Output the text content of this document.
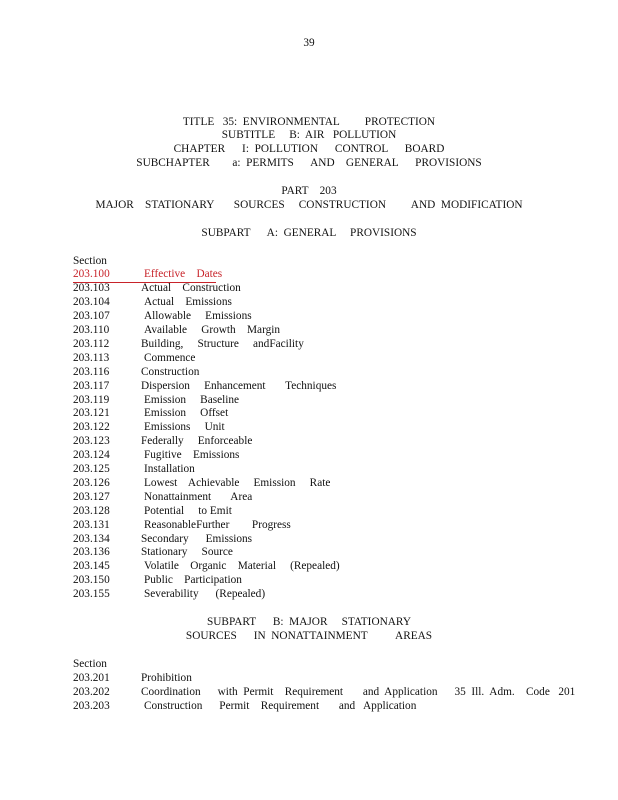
39
TITLE   35:  ENVIRONMENTAL         PROTECTION
SUBTITLE     B:  AIR   POLLUTION
CHAPTER      I:  POLLUTION      CONTROL      BOARD
SUBCHAPTER        a:  PERMITS      AND    GENERAL      PROVISIONS
PART    203
MAJOR    STATIONARY       SOURCES     CONSTRUCTION         AND  MODIFICATION
SUBPART      A:  GENERAL     PROVISIONS
Section
203.100	Effective    Dates
203.103	Actual    Construction
203.104	Actual    Emissions
203.107	Allowable     Emissions
203.110	Available     Growth    Margin
203.112	Building,     Structure     andFacility
203.113	Commence
203.116	Construction
203.117	Dispersion     Enhancement       Techniques
203.119	Emission     Baseline
203.121	Emission     Offset
203.122	Emissions     Unit
203.123	Federally     Enforceable
203.124	Fugitive    Emissions
203.125	Installation
203.126	Lowest    Achievable     Emission     Rate
203.127	Nonattainment       Area
203.128	Potential     to Emit
203.131	ReasonableFurther        Progress
203.134	Secondary      Emissions
203.136	Stationary     Source
203.145	Volatile    Organic    Material     (Repealed)
203.150	Public    Participation
203.155	Severability      (Repealed)
SUBPART      B:  MAJOR     STATIONARY
SOURCES      IN  NONATTAINMENT          AREAS
Section
203.201	Prohibition
203.202	Coordination      with  Permit    Requirement       and  Application      35  Ill.  Adm.    Code   201
203.203	Construction      Permit    Requirement       and   Application
